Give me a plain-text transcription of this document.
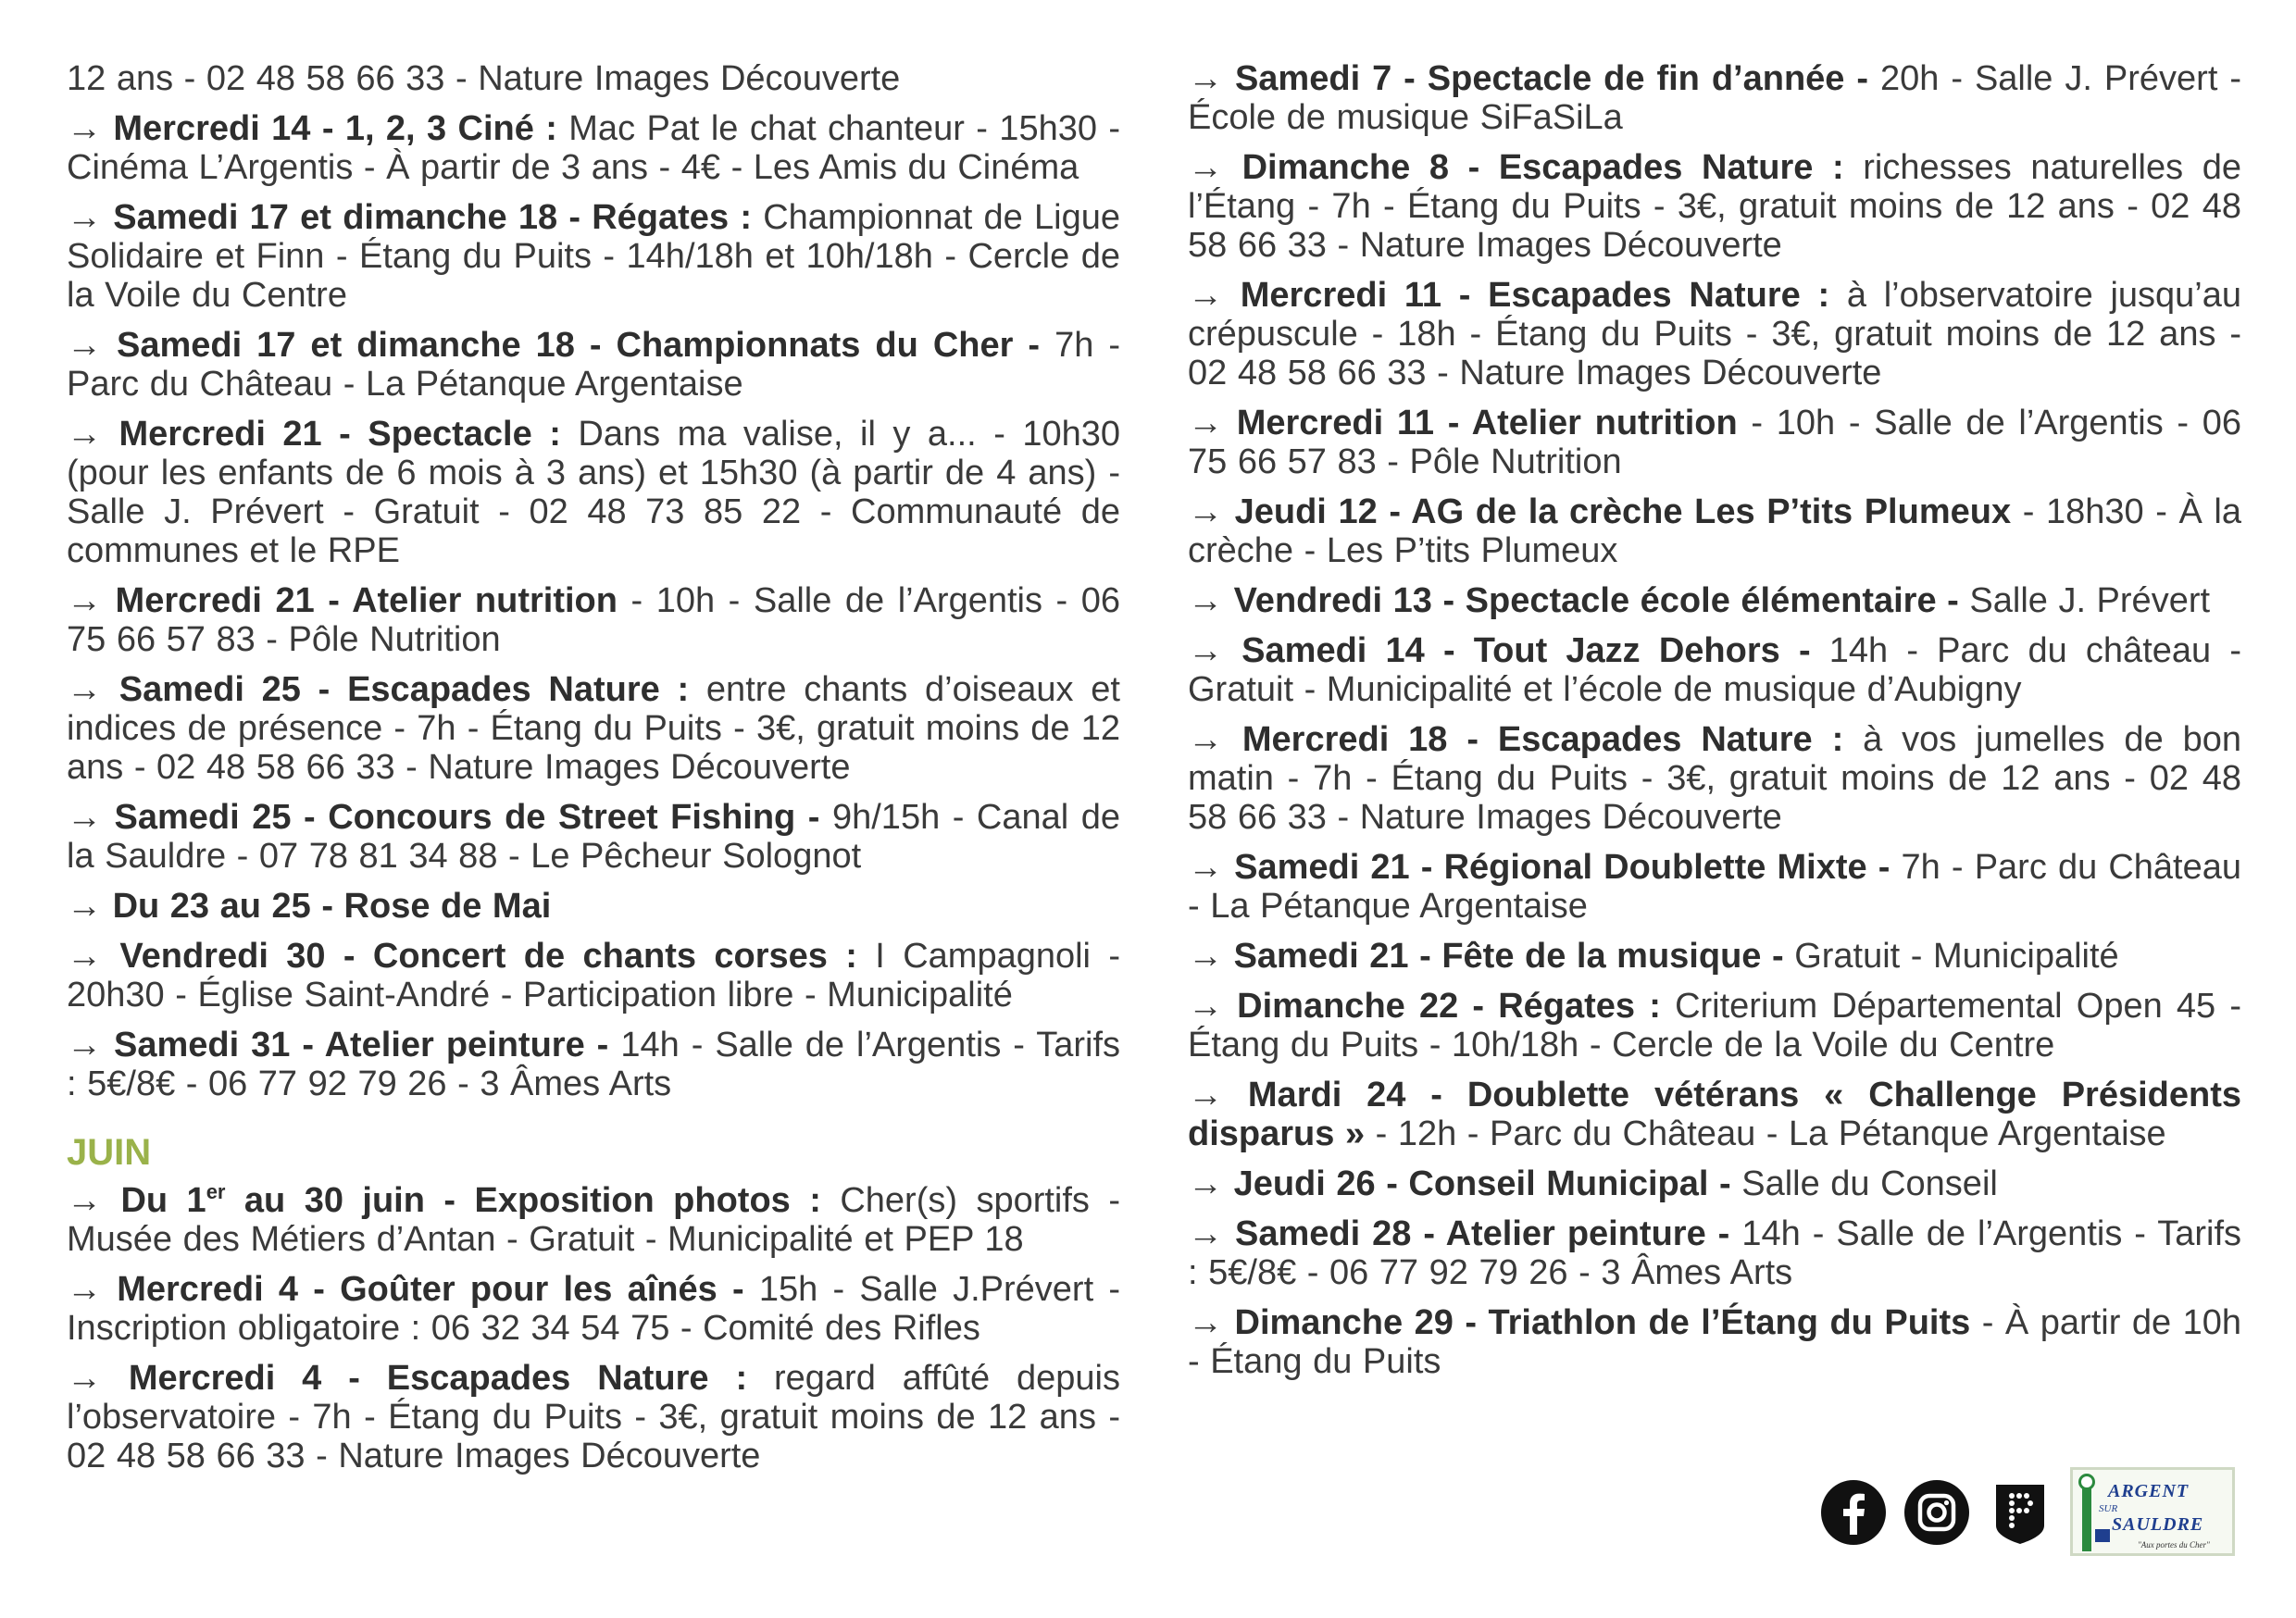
12 ans - 02 48 58 66 33 - Nature Images Découverte

→ Mercredi 14 - 1, 2, 3 Ciné : Mac Pat le chat chanteur - 15h30 - Cinéma L’Argentis - À partir de 3 ans - 4€ - Les Amis du Cinéma

→ Samedi 17 et dimanche 18 - Régates : Championnat de Ligue Solidaire et Finn - Étang du Puits - 14h/18h et 10h/18h - Cercle de la Voile du Centre

→ Samedi 17 et dimanche 18 - Championnats du Cher - 7h - Parc du Château - La Pétanque Argentaise

→ Mercredi 21 - Spectacle : Dans ma valise, il y a... - 10h30 (pour les enfants de 6 mois à 3 ans) et 15h30 (à partir de 4 ans) - Salle J. Prévert - Gratuit - 02 48 73 85 22 - Communauté de communes et le RPE

→ Mercredi 21 - Atelier nutrition - 10h - Salle de l’Argentis - 06 75 66 57 83 - Pôle Nutrition

→ Samedi 25 - Escapades Nature : entre chants d’oiseaux et indices de présence - 7h - Étang du Puits - 3€, gratuit moins de 12 ans - 02 48 58 66 33 - Nature Images Découverte

→ Samedi 25 - Concours de Street Fishing - 9h/15h - Canal de la Sauldre - 07 78 81 34 88 - Le Pêcheur Solognot

→ Du 23 au 25 - Rose de Mai

→ Vendredi 30 - Concert de chants corses : I Campagnoli - 20h30 - Église Saint-André - Participation libre - Municipalité

→ Samedi 31 - Atelier peinture - 14h - Salle de l’Argentis - Tarifs : 5€/8€ - 06 77 92 79 26 - 3 Âmes Arts

JUIN

→ Du 1er au 30 juin - Exposition photos : Cher(s) sportifs - Musée des Métiers d’Antan - Gratuit - Municipalité et PEP 18

→ Mercredi 4 - Goûter pour les aînés - 15h - Salle J.Prévert - Inscription obligatoire : 06 32 34 54 75 - Comité des Rifles

→ Mercredi 4 - Escapades Nature : regard affûté depuis l’observatoire - 7h - Étang du Puits - 3€, gratuit moins de 12 ans - 02 48 58 66 33 - Nature Images Découverte

→ Samedi 7 - Spectacle de fin d’année - 20h - Salle J. Prévert - École de musique SiFaSiLa

→ Dimanche 8 - Escapades Nature : richesses naturelles de l’Étang - 7h - Étang du Puits - 3€, gratuit moins de 12 ans - 02 48 58 66 33 - Nature Images Découverte

→ Mercredi 11 - Escapades Nature : à l’observatoire jusqu’au crépuscule - 18h - Étang du Puits - 3€, gratuit moins de 12 ans - 02 48 58 66 33 - Nature Images Découverte

→ Mercredi 11 - Atelier nutrition - 10h - Salle de l’Argentis - 06 75 66 57 83 - Pôle Nutrition

→ Jeudi 12 - AG de la crèche Les P’tits Plumeux - 18h30 - À la crèche - Les P’tits Plumeux

→ Vendredi 13 - Spectacle école élémentaire - Salle J. Prévert

→ Samedi 14 - Tout Jazz Dehors - 14h - Parc du château - Gratuit - Municipalité et l’école de musique d’Aubigny

→ Mercredi 18 - Escapades Nature : à vos jumelles de bon matin - 7h - Étang du Puits - 3€, gratuit moins de 12 ans - 02 48 58 66 33 - Nature Images Découverte

→ Samedi 21 - Régional Doublette Mixte - 7h - Parc du Château - La Pétanque Argentaise

→ Samedi 21 - Fête de la musique - Gratuit - Municipalité

→ Dimanche 22 - Régates : Criterium Départemental Open 45 - Étang du Puits - 10h/18h - Cercle de la Voile du Centre

→ Mardi 24 - Doublette vétérans « Challenge Présidents disparus » - 12h - Parc du Château - La Pétanque Argentaise

→ Jeudi 26 - Conseil Municipal - Salle du Conseil

→ Samedi 28 - Atelier peinture - 14h - Salle de l’Argentis - Tarifs : 5€/8€ - 06 77 92 79 26 - 3 Âmes Arts

→ Dimanche 29 - Triathlon de l’Étang du Puits - À partir de 10h - Étang du Puits

ARGENT
SUR
SAULDRE
"Aux portes du Cher"
